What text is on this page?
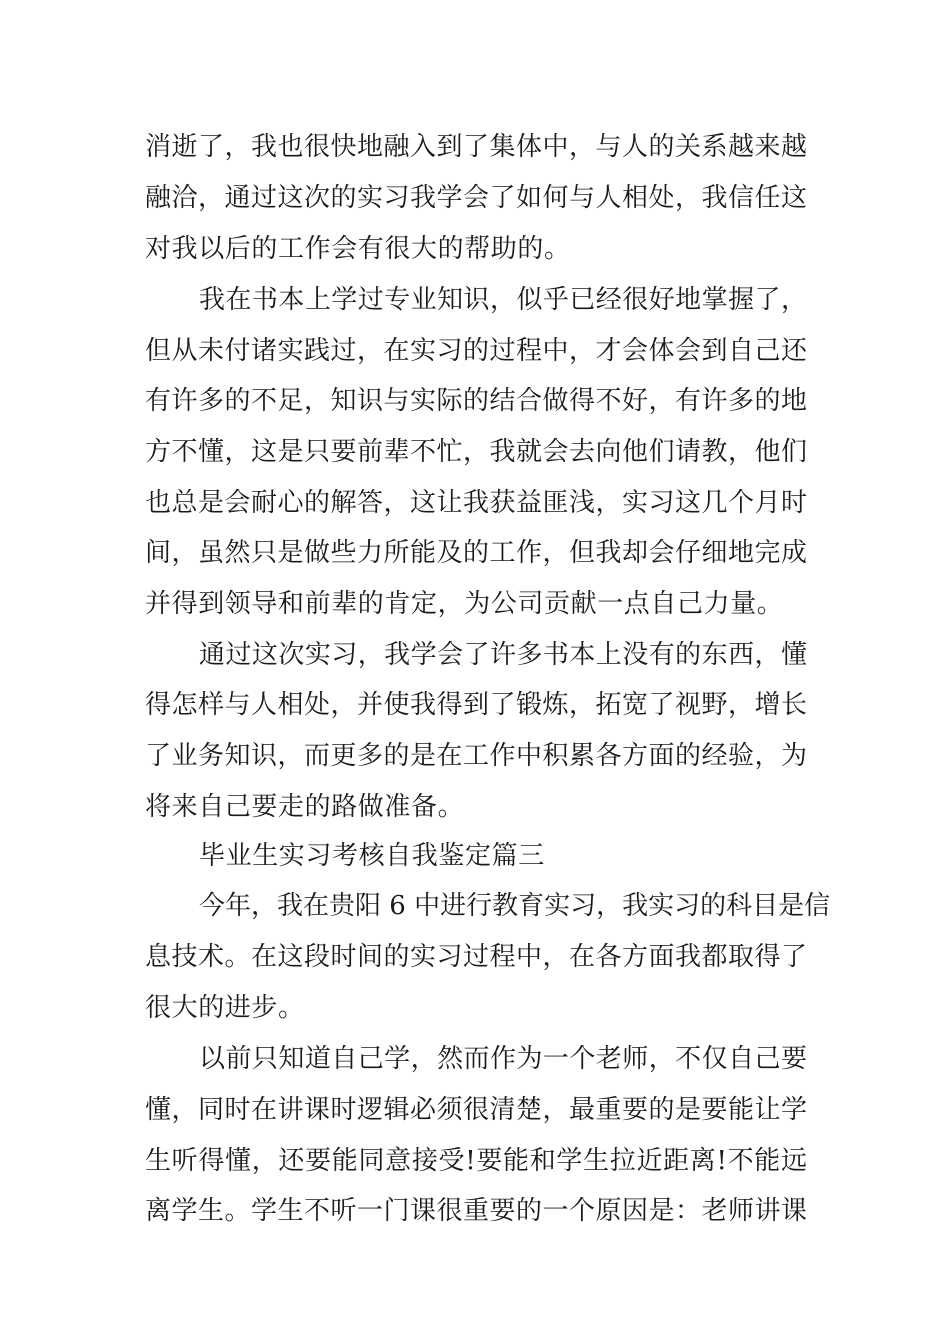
消逝了，我也很快地融入到了集体中，与人的关系越来越
融洽，通过这次的实习我学会了如何与人相处，我信任这
对我以后的工作会有很大的帮助的。
我在书本上学过专业知识，似乎已经很好地掌握了，
但从未付诸实践过，在实习的过程中，才会体会到自己还
有许多的不足，知识与实际的结合做得不好，有许多的地
方不懂，这是只要前辈不忙，我就会去向他们请教，他们
也总是会耐心的解答，这让我获益匪浅，实习这几个月时
间，虽然只是做些力所能及的工作，但我却会仔细地完成
并得到领导和前辈的肯定，为公司贡献一点自己力量。
通过这次实习，我学会了许多书本上没有的东西，懂
得怎样与人相处，并使我得到了锻炼，拓宽了视野，增长
了业务知识，而更多的是在工作中积累各方面的经验，为
将来自己要走的路做准备。
毕业生实习考核自我鉴定篇三
今年，我在贵阳 6 中进行教育实习，我实习的科目是信
息技术。在这段时间的实习过程中，在各方面我都取得了
很大的进步。
以前只知道自己学，然而作为一个老师，不仅自己要
懂，同时在讲课时逻辑必须很清楚，最重要的是要能让学
生听得懂，还要能同意接受!要能和学生拉近距离!不能远
离学生。学生不听一门课很重要的一个原因是：老师讲课
